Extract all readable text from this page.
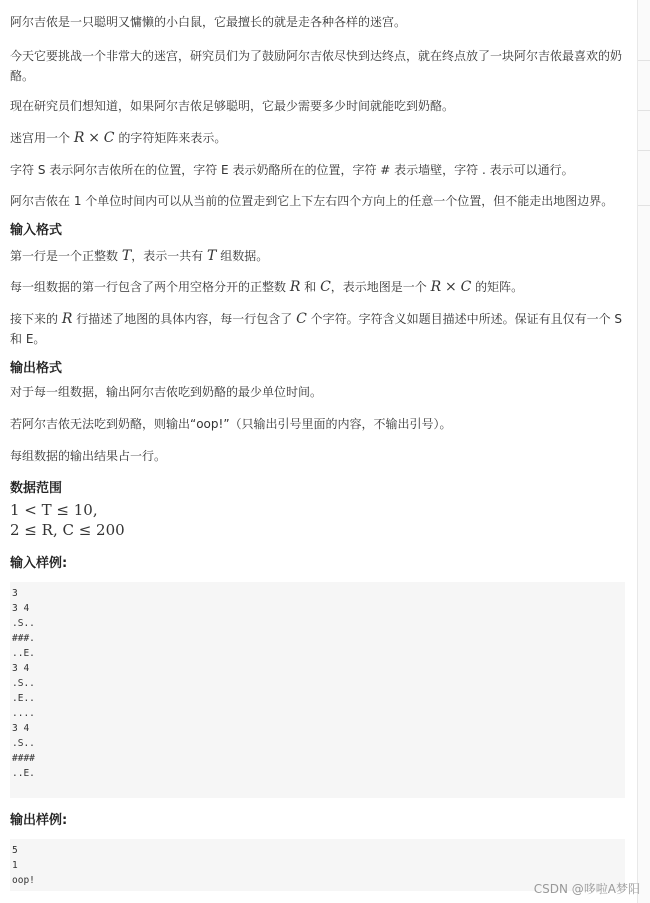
阿尔吉侬是一只聪明又慵懒的小白鼠，它最擅长的就是走各种各样的迷宫。

今天它要挑战一个非常大的迷宫，研究员们为了鼓励阿尔吉侬尽快到达终点，就在终点放了一块阿尔吉侬最喜欢的奶酪。

现在研究员们想知道，如果阿尔吉侬足够聪明，它最少需要多少时间就能吃到奶酪。

迷宫用一个 R × C 的字符矩阵来表示。

字符 S 表示阿尔吉侬所在的位置，字符 E 表示奶酪所在的位置，字符 # 表示墙壁，字符 . 表示可以通行。

阿尔吉侬在 1 个单位时间内可以从当前的位置走到它上下左右四个方向上的任意一个位置，但不能走出地图边界。

输入格式

第一行是一个正整数 T，表示一共有 T 组数据。

每一组数据的第一行包含了两个用空格分开的正整数 R 和 C，表示地图是一个 R × C 的矩阵。

接下来的 R 行描述了地图的具体内容，每一行包含了 C 个字符。字符含义如题目描述中所述。保证有且仅有一个 S 和 E。

输出格式

对于每一组数据，输出阿尔吉侬吃到奶酪的最少单位时间。

若阿尔吉侬无法吃到奶酪，则输出“oop!”（只输出引号里面的内容，不输出引号）。

每组数据的输出结果占一行。

数据范围
1 < T ≤ 10,
2 ≤ R, C ≤ 200
输入样例:
3
3 4
.S..
###.
..E.
3 4
.S..
.E..
....
3 4
.S..
####
..E.
输出样例:
5
1
oop!
CSDN @哆啦A梦阳
